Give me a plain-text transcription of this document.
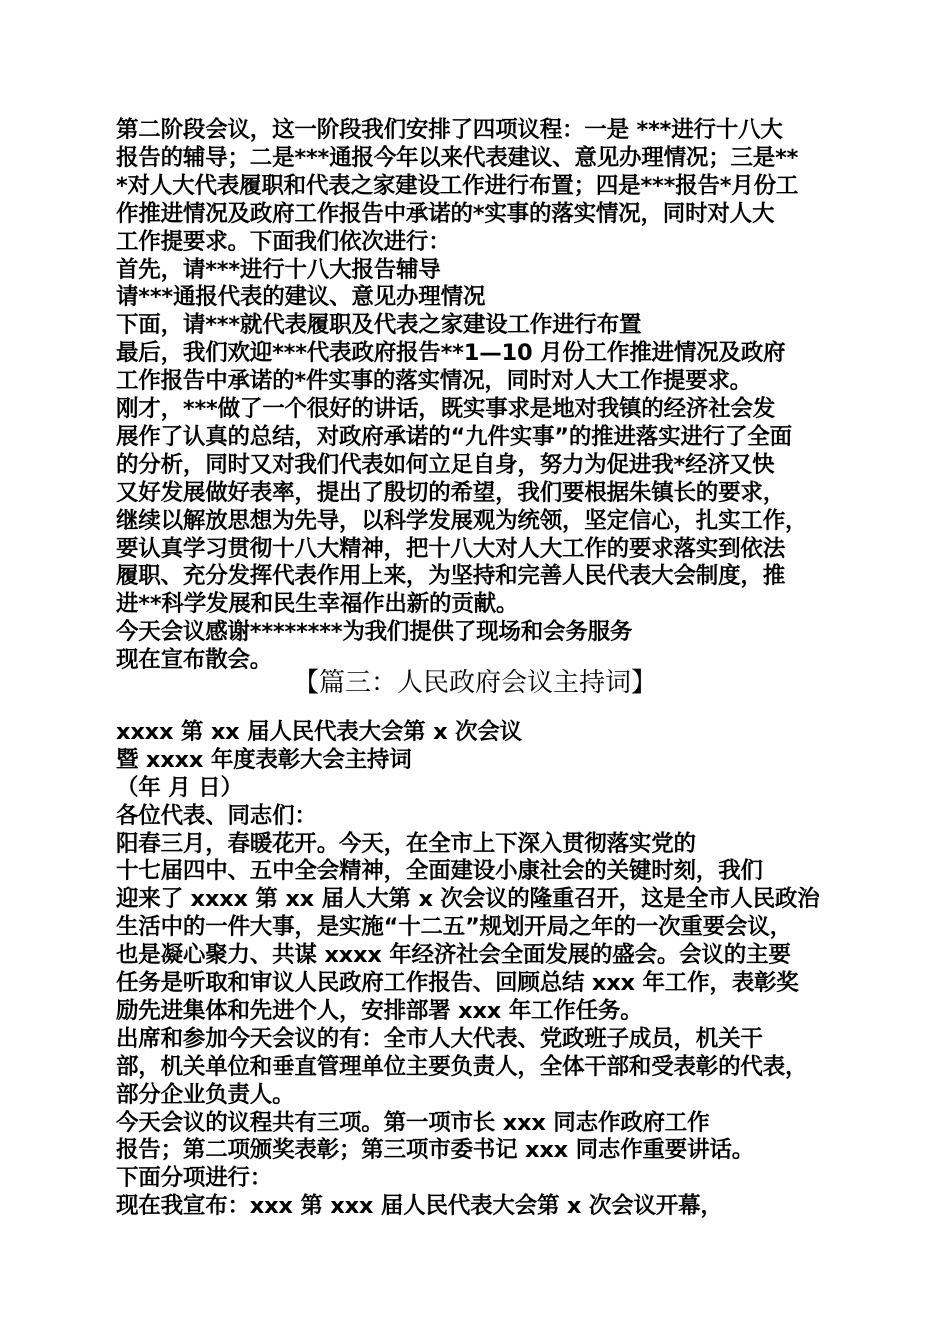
第二阶段会议，这一阶段我们安排了四项议程：一是 ***进行十八大
报告的辅导；二是***通报今年以来代表建议、意见办理情况；三是**
*对人大代表履职和代表之家建设工作进行布置；四是***报告*月份工
作推进情况及政府工作报告中承诺的*实事的落实情况，同时对人大
工作提要求。下面我们依次进行：
首先，请***进行十八大报告辅导
请***通报代表的建议、意见办理情况
下面，请***就代表履职及代表之家建设工作进行布置
最后，我们欢迎***代表政府报告**1—10 月份工作推进情况及政府
工作报告中承诺的*件实事的落实情况，同时对人大工作提要求。
刚才，***做了一个很好的讲话，既实事求是地对我镇的经济社会发
展作了认真的总结，对政府承诺的“九件实事”的推进落实进行了全面
的分析，同时又对我们代表如何立足自身，努力为促进我*经济又快
又好发展做好表率，提出了殷切的希望，我们要根据朱镇长的要求，
继续以解放思想为先导，以科学发展观为统领，坚定信心，扎实工作，
要认真学习贯彻十八大精神，把十八大对人大工作的要求落实到依法
履职、充分发挥代表作用上来，为坚持和完善人民代表大会制度，推
进**科学发展和民生幸福作出新的贡献。
今天会议感谢********为我们提供了现场和会务服务
现在宣布散会。
【篇三：人民政府会议主持词】
xxxx 第 xx 届人民代表大会第 x 次会议
暨 xxxx 年度表彰大会主持词
（年 月 日）
各位代表、同志们：
阳春三月，春暖花开。今天，在全市上下深入贯彻落实党的
十七届四中、五中全会精神，全面建设小康社会的关键时刻，我们
迎来了 xxxx 第 xx 届人大第 x 次会议的隆重召开，这是全市人民政治
生活中的一件大事，是实施“十二五”规划开局之年的一次重要会议，
也是凝心聚力、共谋 xxxx 年经济社会全面发展的盛会。会议的主要
任务是听取和审议人民政府工作报告、回顾总结 xxx 年工作，表彰奖
励先进集体和先进个人，安排部署 xxx 年工作任务。
出席和参加今天会议的有：全市人大代表、党政班子成员，机关干
部，机关单位和垂直管理单位主要负责人，全体干部和受表彰的代表，
部分企业负责人。
今天会议的议程共有三项。第一项市长 xxx 同志作政府工作
报告；第二项颁奖表彰；第三项市委书记 xxx 同志作重要讲话。
下面分项进行：
现在我宣布：xxx 第 xxx 届人民代表大会第 x 次会议开幕，
